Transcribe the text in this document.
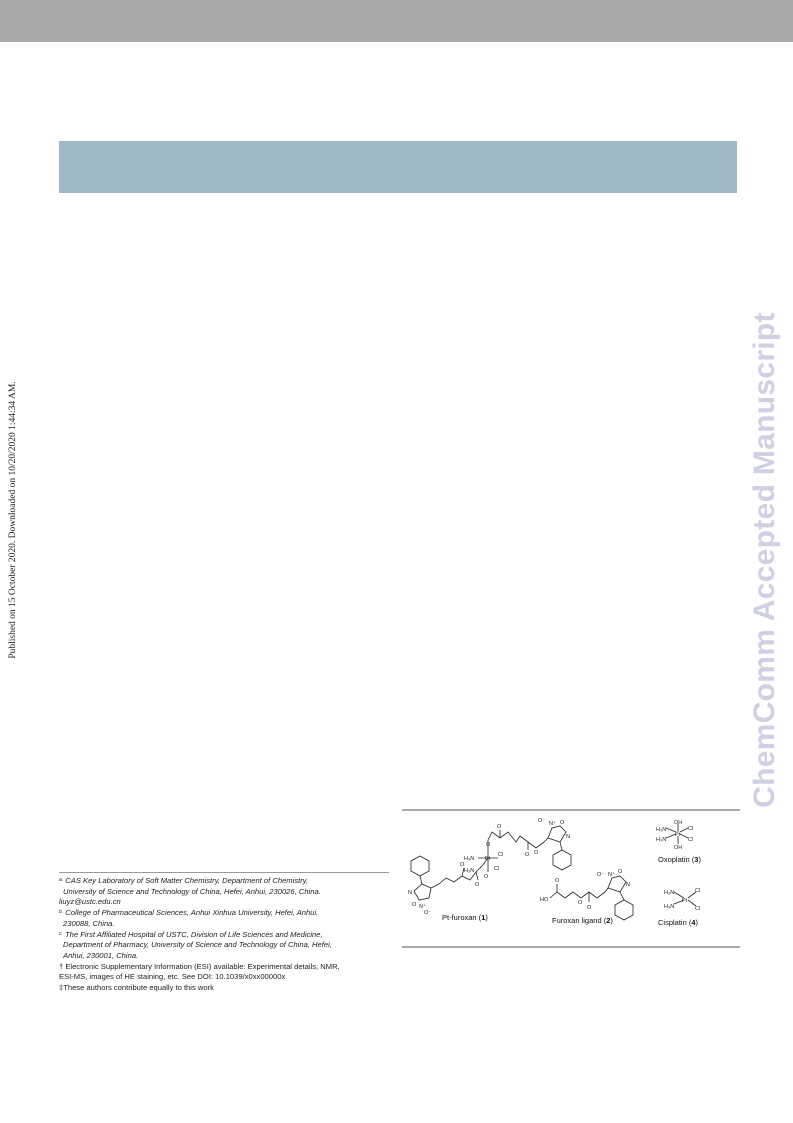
Published on 15 October 2020. Downloaded on 10/20/2020 1:44:34 AM.	ChemComm Accepted Manuscript
N
O N⁺
O⁻
O
O
H₃N
H₃N
Pt
Cl
Cl
O
O
O
O O
O⁻ N⁺ O
N
HO
O
O
O
O⁻ N⁺ O
N
OH
H₃N
H₃N
Pt
Cl
Cl
OH
H₃N
H₃N
Pt
Cl
Cl
Pt-furoxan (1)	Furoxan ligand (2)
Oxoplatin (3)
Cisplatin (4)
$^{a.}$ CAS Key Laboratory of Soft Matter Chemistry, Department of Chemistry,
University of Science and Technology of China, Hefei, Anhui, 230026, China.
liuyz@ustc.edu.cn
$^{b.}$ College of Pharmaceutical Sciences, Anhui Xinhua University, Hefei, Anhui,
230088, China.
$^{c.}$ The First Affiliated Hospital of USTC, Division of Life Sciences and Medicine,
Department of Pharmacy, University of Science and Technology of China, Hefei,
Anhui, 230001, China.
† Electronic Supplementary Information (ESI) available: Experimental details, NMR,
ESI-MS, images of HE staining, etc. See DOI: 10.1039/x0xx00000x
‡These authors contribute equally to this work
